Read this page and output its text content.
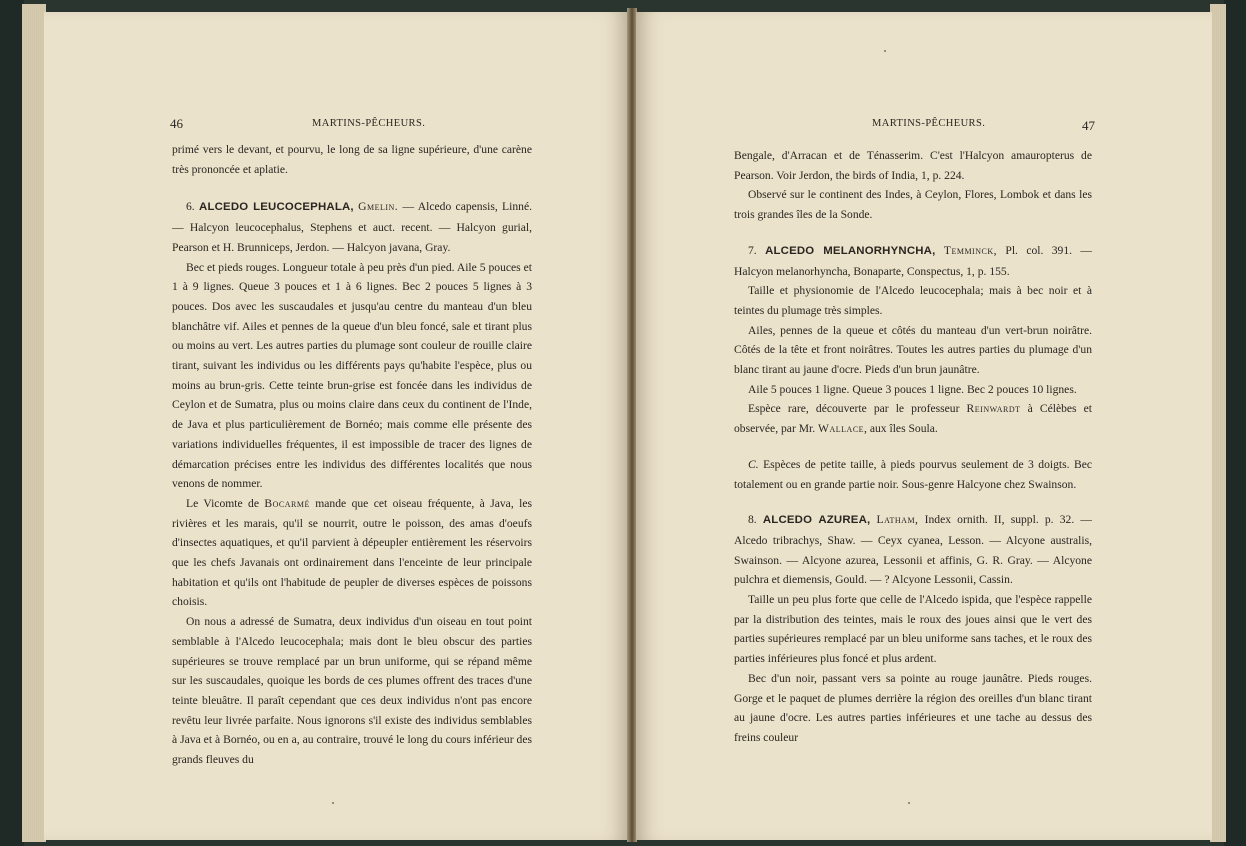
46	MARTINS-PÊCHEURS.

primé vers le devant, et pourvu, le long de sa ligne supérieure, d'une carène très prononcée et aplatie.

6. ALCEDO LEUCOCEPHALA, Gmelin. — Alcedo capensis, Linné. — Halcyon leucocephalus, Stephens et auct. recent. — Halcyon gurial, Pearson et H. Brunniceps, Jerdon. — Halcyon javana, Gray.

Bec et pieds rouges. Longueur totale à peu près d'un pied. Aile 5 pouces et 1 à 9 lignes. Queue 3 pouces et 1 à 6 lignes. Bec 2 pouces 5 lignes à 3 pouces. Dos avec les suscaudales et jusqu'au centre du manteau d'un bleu blanchâtre vif. Ailes et pennes de la queue d'un bleu foncé, sale et tirant plus ou moins au vert. Les autres parties du plumage sont couleur de rouille claire tirant, suivant les individus ou les différents pays qu'habite l'espèce, plus ou moins au brun-gris. Cette teinte brun-grise est foncée dans les individus de Ceylon et de Sumatra, plus ou moins claire dans ceux du continent de l'Inde, de Java et plus particulièrement de Bornéo; mais comme elle présente des variations individuelles fréquentes, il est impossible de tracer des lignes de démarcation précises entre les individus des différentes localités que nous venons de nommer.

Le Vicomte de Bocarmé mande que cet oiseau fréquente, à Java, les rivières et les marais, qu'il se nourrit, outre le poisson, des amas d'oeufs d'insectes aquatiques, et qu'il parvient à dépeupler entièrement les réservoirs que les chefs Javanais ont ordinairement dans l'enceinte de leur principale habitation et qu'ils ont l'habitude de peupler de diverses espèces de poissons choisis.

On nous a adressé de Sumatra, deux individus d'un oiseau en tout point semblable à l'Alcedo leucocephala; mais dont le bleu obscur des parties supérieures se trouve remplacé par un brun uniforme, qui se répand même sur les suscaudales, quoique les bords de ces plumes offrent des traces d'une teinte bleuâtre. Il paraît cependant que ces deux individus n'ont pas encore revêtu leur livrée parfaite. Nous ignorons s'il existe des individus semblables à Java et à Bornéo, ou en a, au contraire, trouvé le long du cours inférieur des grands fleuves du

MARTINS-PÊCHEURS.	47

Bengale, d'Arracan et de Ténasserim. C'est l'Halcyon amauropterus de Pearson. Voir Jerdon, the birds of India, 1, p. 224.

Observé sur le continent des Indes, à Ceylon, Flores, Lombok et dans les trois grandes îles de la Sonde.

7. ALCEDO MELANORHYNCHA, Temminck, Pl. col. 391. — Halcyon melanorhyncha, Bonaparte, Conspectus, 1, p. 155.

Taille et physionomie de l'Alcedo leucocephala; mais à bec noir et à teintes du plumage très simples.

Ailes, pennes de la queue et côtés du manteau d'un vert-brun noirâtre. Côtés de la tête et front noirâtres. Toutes les autres parties du plumage d'un blanc tirant au jaune d'ocre. Pieds d'un brun jaunâtre.

Aile 5 pouces 1 ligne. Queue 3 pouces 1 ligne. Bec 2 pouces 10 lignes.

Espèce rare, découverte par le professeur Reinwardt à Célèbes et observée, par Mr. Wallace, aux îles Soula.

C. Espèces de petite taille, à pieds pourvus seulement de 3 doigts. Bec totalement ou en grande partie noir. Sous-genre Halcyone chez Swainson.

8. ALCEDO AZUREA, Latham, Index ornith. II, suppl. p. 32. — Alcedo tribrachys, Shaw. — Ceyx cyanea, Lesson. — Alcyone australis, Swainson. — Alcyone azurea, Lessonii et affinis, G. R. Gray. — Alcyone pulchra et diemensis, Gould. — ? Alcyone Lessonii, Cassin.

Taille un peu plus forte que celle de l'Alcedo ispida, que l'espèce rappelle par la distribution des teintes, mais le roux des joues ainsi que le vert des parties supérieures remplacé par un bleu uniforme sans taches, et le roux des parties inférieures plus foncé et plus ardent.

Bec d'un noir, passant vers sa pointe au rouge jaunâtre. Pieds rouges. Gorge et le paquet de plumes derrière la région des oreilles d'un blanc tirant au jaune d'ocre. Les autres parties inférieures et une tache au dessus des freins couleur
